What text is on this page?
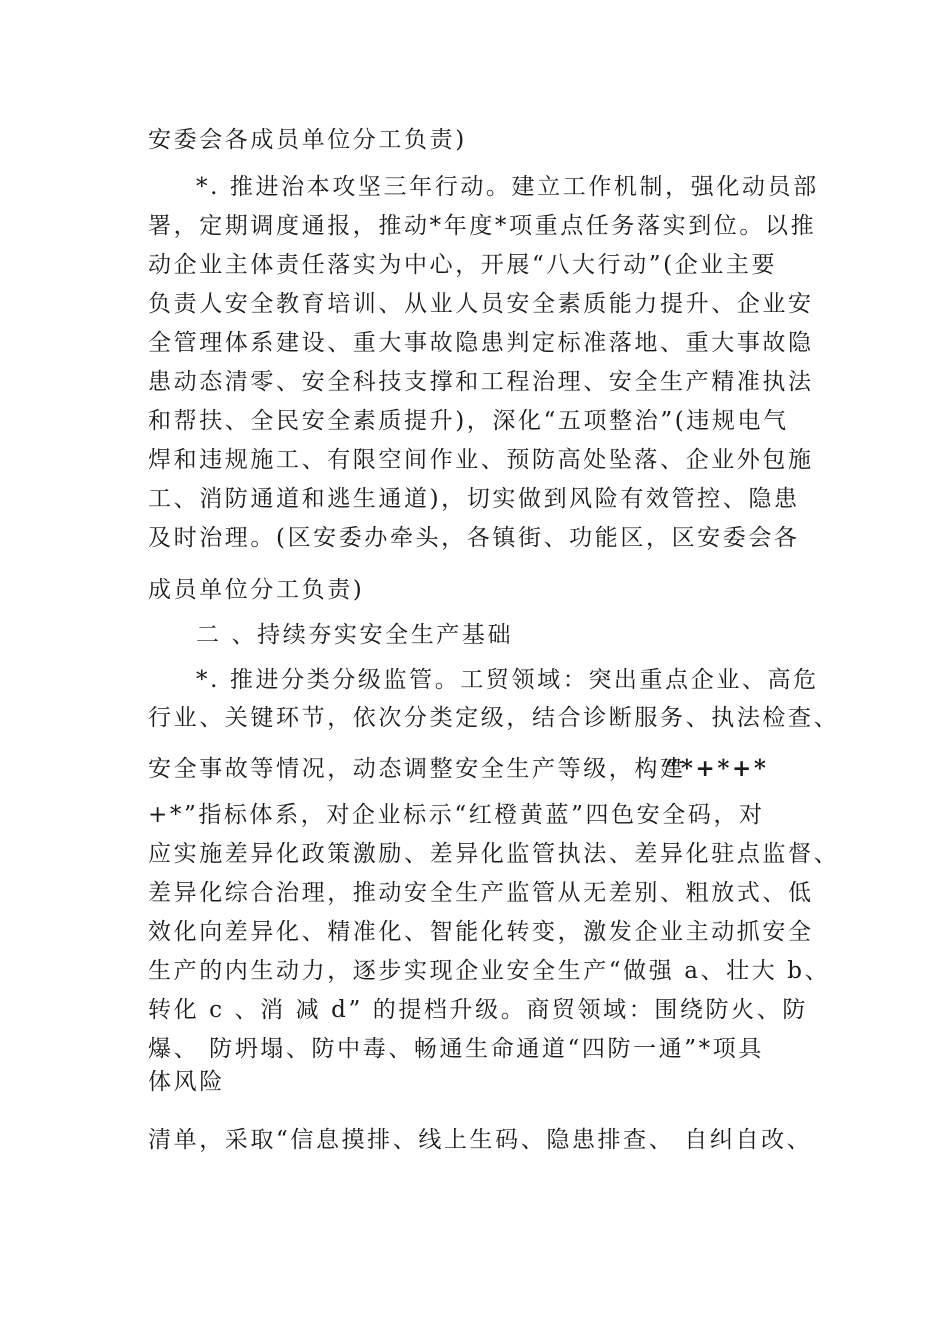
安委会各成员单位分工负责)
*. 推进治本攻坚三年行动。建立工作机制，强化动员部
署，定期调度通报，推动*年度*项重点任务落实到位。以推
动企业主体责任落实为中心，开展“八大行动”(企业主要
负责人安全教育培训、从业人员安全素质能力提升、企业安
全管理体系建设、重大事故隐患判定标准落地、重大事故隐
患动态清零、安全科技支撑和工程治理、安全生产精准执法
和帮扶、全民安全素质提升)，深化“五项整治”(违规电气
焊和违规施工、有限空间作业、预防高处坠落、企业外包施
工、消防通道和逃生通道)，切实做到风险有效管控、隐患
及时治理。(区安委办牵头，各镇街、功能区，区安委会各
成员单位分工负责)
二 、持续夯实安全生产基础
*. 推进分类分级监管。工贸领域：突出重点企业、高危
行业、关键环节，依次分类定级，结合诊断服务、执法检查、
安全事故等情况，动态调整安全生产等级，构建
“*+*+*
+*”指标体系，对企业标示“红橙黄蓝”四色安全码，对
应实施差异化政策激励、差异化监管执法、差异化驻点监督、
差异化综合治理，推动安全生产监管从无差别、粗放式、低
效化向差异化、精准化、智能化转变，激发企业主动抓安全
生产的内生动力，逐步实现企业安全生产“做强 a、壮大 b、
转化 c 、消 减 d” 的提档升级。商贸领域：围绕防火、防
爆、 防坍塌、防中毒、畅通生命通道“四防一通”*项具
体风险
清单，采取“信息摸排、线上生码、隐患排查、 自纠自改、
